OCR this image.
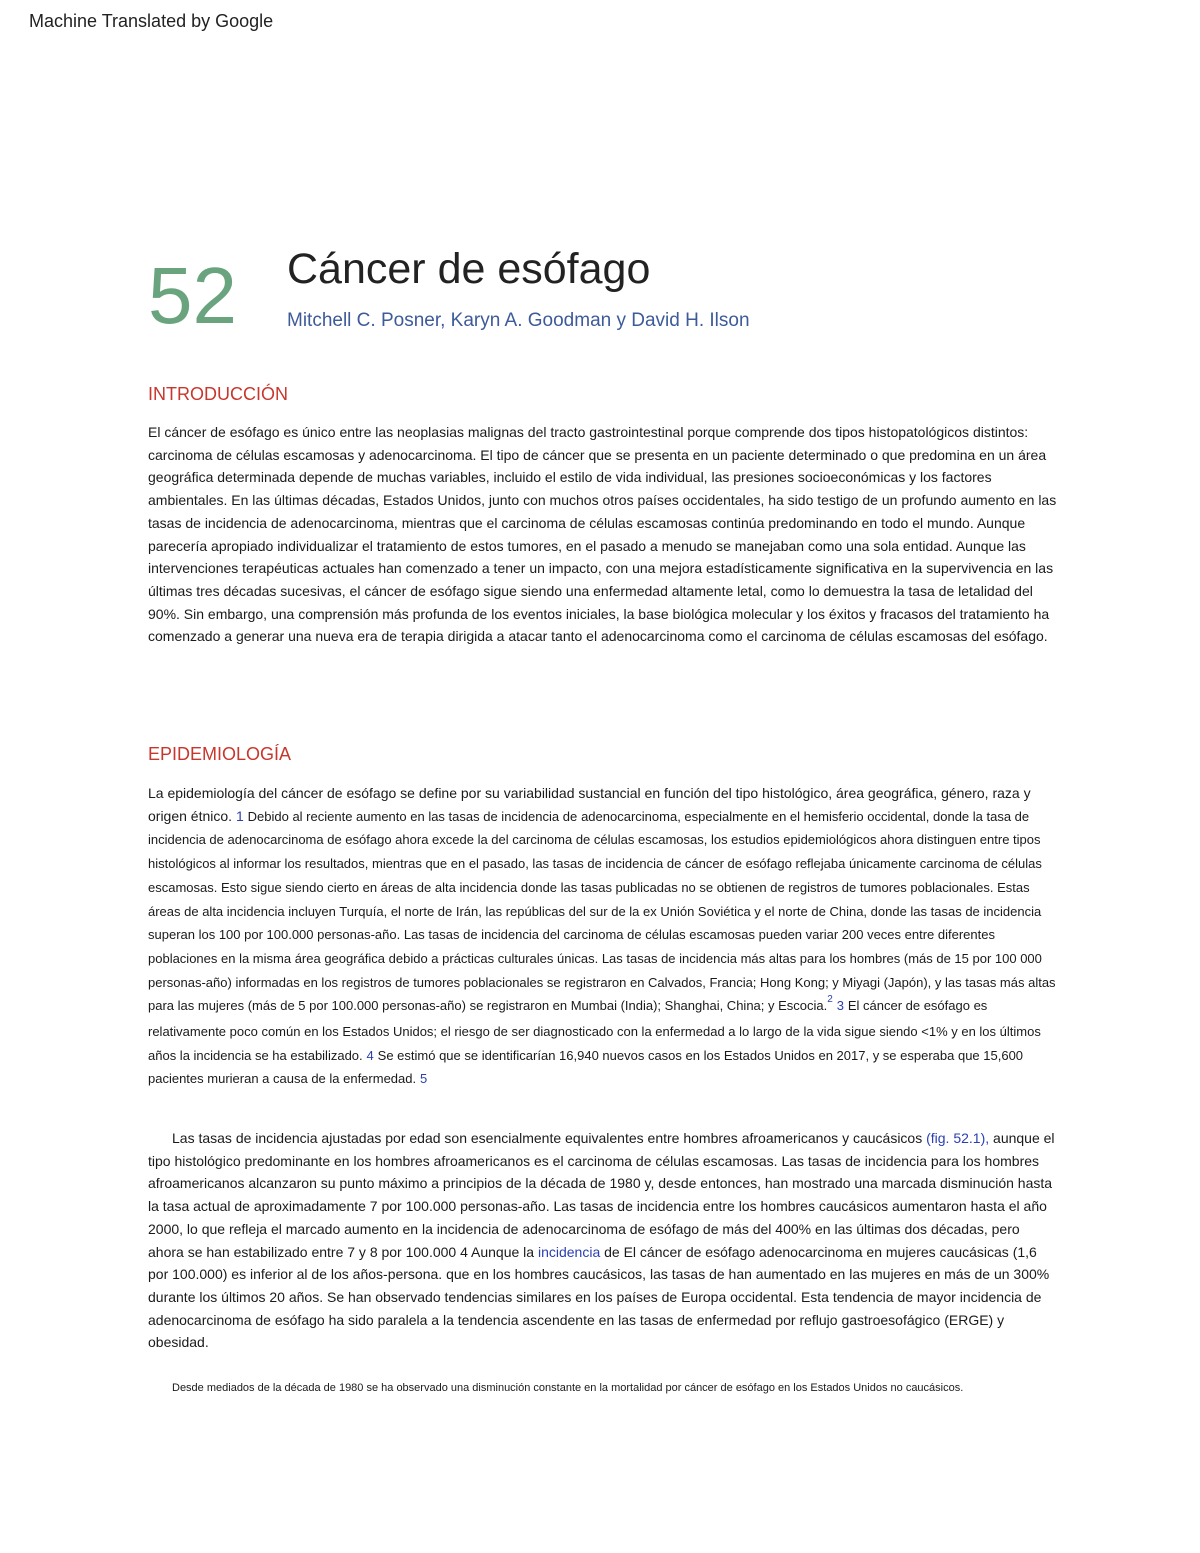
Machine Translated by Google
52 Cáncer de esófago
Mitchell C. Posner, Karyn A. Goodman y David H. Ilson
INTRODUCCIÓN
El cáncer de esófago es único entre las neoplasias malignas del tracto gastrointestinal porque comprende dos tipos histopatológicos distintos: carcinoma de células escamosas y adenocarcinoma. El tipo de cáncer que se presenta en un paciente determinado o que predomina en un área geográfica determinada depende de muchas variables, incluido el estilo de vida individual, las presiones socioeconómicas y los factores ambientales. En las últimas décadas, Estados Unidos, junto con muchos otros países occidentales, ha sido testigo de un profundo aumento en las tasas de incidencia de adenocarcinoma, mientras que el carcinoma de células escamosas continúa predominando en todo el mundo. Aunque parecería apropiado individualizar el tratamiento de estos tumores, en el pasado a menudo se manejaban como una sola entidad. Aunque las intervenciones terapéuticas actuales han comenzado a tener un impacto, con una mejora estadísticamente significativa en la supervivencia en las últimas tres décadas sucesivas, el cáncer de esófago sigue siendo una enfermedad altamente letal, como lo demuestra la tasa de letalidad del 90%. Sin embargo, una comprensión más profunda de los eventos iniciales, la base biológica molecular y los éxitos y fracasos del tratamiento ha comenzado a generar una nueva era de terapia dirigida a atacar tanto el adenocarcinoma como el carcinoma de células escamosas del esófago.
EPIDEMIOLOGÍA
La epidemiología del cáncer de esófago se define por su variabilidad sustancial en función del tipo histológico, área geográfica, género, raza y origen étnico. 1 Debido al reciente aumento en las tasas de incidencia de adenocarcinoma, especialmente en el hemisferio occidental, donde la tasa de incidencia de adenocarcinoma de esófago ahora excede la del carcinoma de células escamosas, los estudios epidemiológicos ahora distinguen entre tipos histológicos al informar los resultados, mientras que en el pasado, las tasas de incidencia de cáncer de esófago reflejaba únicamente carcinoma de células escamosas. Esto sigue siendo cierto en áreas de alta incidencia donde las tasas publicadas no se obtienen de registros de tumores poblacionales. Estas áreas de alta incidencia incluyen Turquía, el norte de Irán, las repúblicas del sur de la ex Unión Soviética y el norte de China, donde las tasas de incidencia superan los 100 por 100.000 personas-año. Las tasas de incidencia del carcinoma de células escamosas pueden variar 200 veces entre diferentes poblaciones en la misma área geográfica debido a prácticas culturales únicas. Las tasas de incidencia más altas para los hombres (más de 15 por 100 000 personas-año) informadas en los registros de tumores poblacionales se registraron en Calvados, Francia; Hong Kong; y Miyagi (Japón), y las tasas más altas para las mujeres (más de 5 por 100.000 personas-año) se registraron en Mumbai (India); Shanghai, China; y Escocia.$^2$ 3 El cáncer de esófago es relativamente poco común en los Estados Unidos; el riesgo de ser diagnosticado con la enfermedad a lo largo de la vida sigue siendo <1% y en los últimos años la incidencia se ha estabilizado. 4 Se estimó que se identificarían 16,940 nuevos casos en los Estados Unidos en 2017, y se esperaba que 15,600 pacientes murieran a causa de la enfermedad. 5
Las tasas de incidencia ajustadas por edad son esencialmente equivalentes entre hombres afroamericanos y caucásicos (fig. 52.1), aunque el tipo histológico predominante en los hombres afroamericanos es el carcinoma de células escamosas. Las tasas de incidencia para los hombres afroamericanos alcanzaron su punto máximo a principios de la década de 1980 y, desde entonces, han mostrado una marcada disminución hasta la tasa actual de aproximadamente 7 por 100.000 personas-año. Las tasas de incidencia entre los hombres caucásicos aumentaron hasta el año 2000, lo que refleja el marcado aumento en la incidencia de adenocarcinoma de esófago de más del 400% en las últimas dos décadas, pero ahora se han estabilizado entre 7 y 8 por 100.000 4 Aunque la incidencia de El cáncer de esófago adenocarcinoma en mujeres caucásicas (1,6 por 100.000) es inferior al de los años-persona. que en los hombres caucásicos, las tasas de han aumentado en las mujeres en más de un 300% durante los últimos 20 años. Se han observado tendencias similares en los países de Europa occidental. Esta tendencia de mayor incidencia de adenocarcinoma de esófago ha sido paralela a la tendencia ascendente en las tasas de enfermedad por reflujo gastroesofágico (ERGE) y obesidad.
Desde mediados de la década de 1980 se ha observado una disminución constante en la mortalidad por cáncer de esófago en los Estados Unidos no caucásicos.
